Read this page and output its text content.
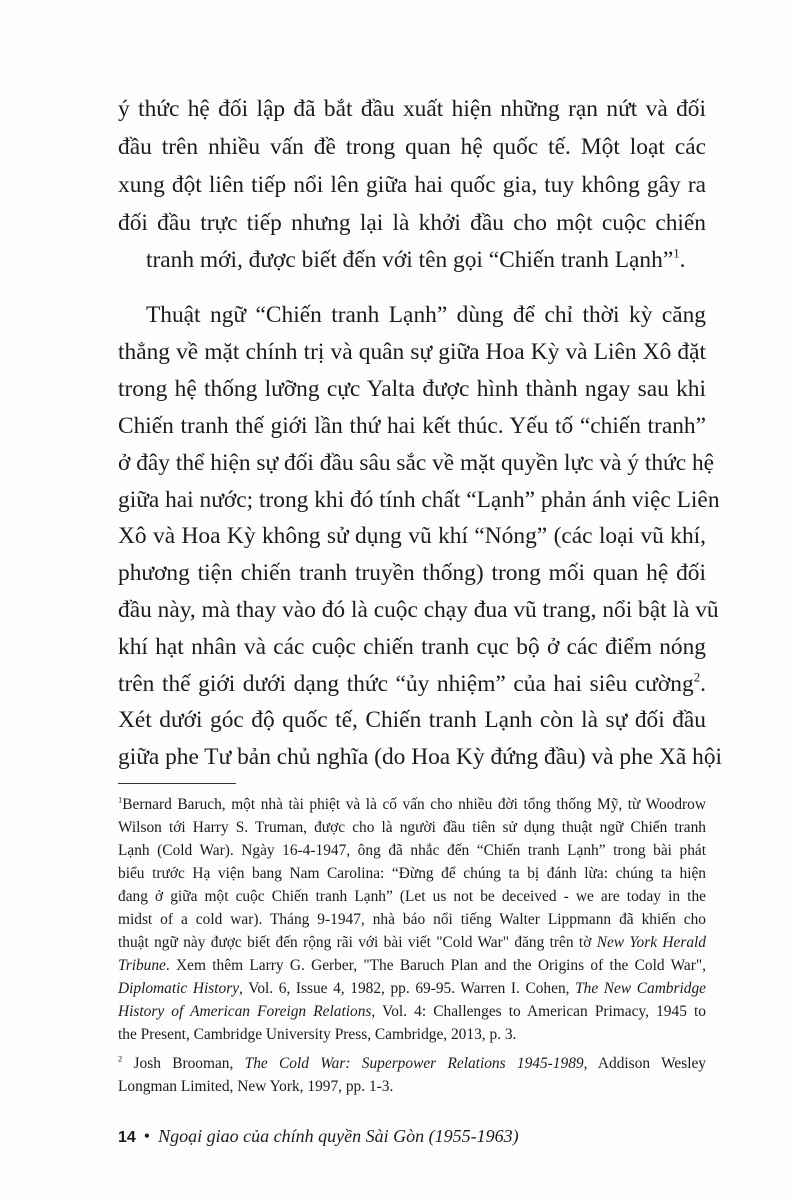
ý thức hệ đối lập đã bắt đầu xuất hiện những rạn nứt và đối
đầu trên nhiều vấn đề trong quan hệ quốc tế. Một loạt các
xung đột liên tiếp nổi lên giữa hai quốc gia, tuy không gây ra
đối đầu trực tiếp nhưng lại là khởi đầu cho một cuộc chiến
tranh mới, được biết đến với tên gọi “Chiến tranh Lạnh”$^1$.
Thuật ngữ “Chiến tranh Lạnh” dùng để chỉ thời kỳ căng
thẳng về mặt chính trị và quân sự giữa Hoa Kỳ và Liên Xô đặt
trong hệ thống lưỡng cực Yalta được hình thành ngay sau khi
Chiến tranh thế giới lần thứ hai kết thúc. Yếu tố “chiến tranh”
ở đây thể hiện sự đối đầu sâu sắc về mặt quyền lực và ý thức hệ
giữa hai nước; trong khi đó tính chất “Lạnh” phản ánh việc Liên
Xô và Hoa Kỳ không sử dụng vũ khí “Nóng” (các loại vũ khí,
phương tiện chiến tranh truyền thống) trong mối quan hệ đối
đầu này, mà thay vào đó là cuộc chạy đua vũ trang, nổi bật là vũ
khí hạt nhân và các cuộc chiến tranh cục bộ ở các điểm nóng
trên thế giới dưới dạng thức “ủy nhiệm” của hai siêu cường$^2$.
Xét dưới góc độ quốc tế, Chiến tranh Lạnh còn là sự đối đầu
giữa phe Tư bản chủ nghĩa (do Hoa Kỳ đứng đầu) và phe Xã hội
$^1$Bernard Baruch, một nhà tài phiệt và là cố vấn cho nhiều đời tổng thống Mỹ, từ Woodrow
Wilson tới Harry S. Truman, được cho là người đầu tiên sử dụng thuật ngữ Chiến tranh
Lạnh (Cold War). Ngày 16-4-1947, ông đã nhắc đến “Chiến tranh Lạnh” trong bài phát
biểu trước Hạ viện bang Nam Carolina: “Đừng để chúng ta bị đánh lừa: chúng ta hiện
đang ở giữa một cuộc Chiến tranh Lạnh” (Let us not be deceived - we are today in the
midst of a cold war). Tháng 9-1947, nhà báo nổi tiếng Walter Lippmann đã khiến cho
thuật ngữ này được biết đến rộng rãi với bài viết "Cold War" đăng trên tờ New York Herald
Tribune. Xem thêm Larry G. Gerber, "The Baruch Plan and the Origins of the Cold War",
Diplomatic History, Vol. 6, Issue 4, 1982, pp. 69-95. Warren I. Cohen, The New Cambridge
History of American Foreign Relations, Vol. 4: Challenges to American Primacy, 1945 to
the Present, Cambridge University Press, Cambridge, 2013, p. 3.
$^2$ Josh Brooman, The Cold War: Superpower Relations 1945-1989, Addison Wesley
Longman Limited, New York, 1997, pp. 1-3.
14 • Ngoại giao của chính quyền Sài Gòn (1955-1963)
